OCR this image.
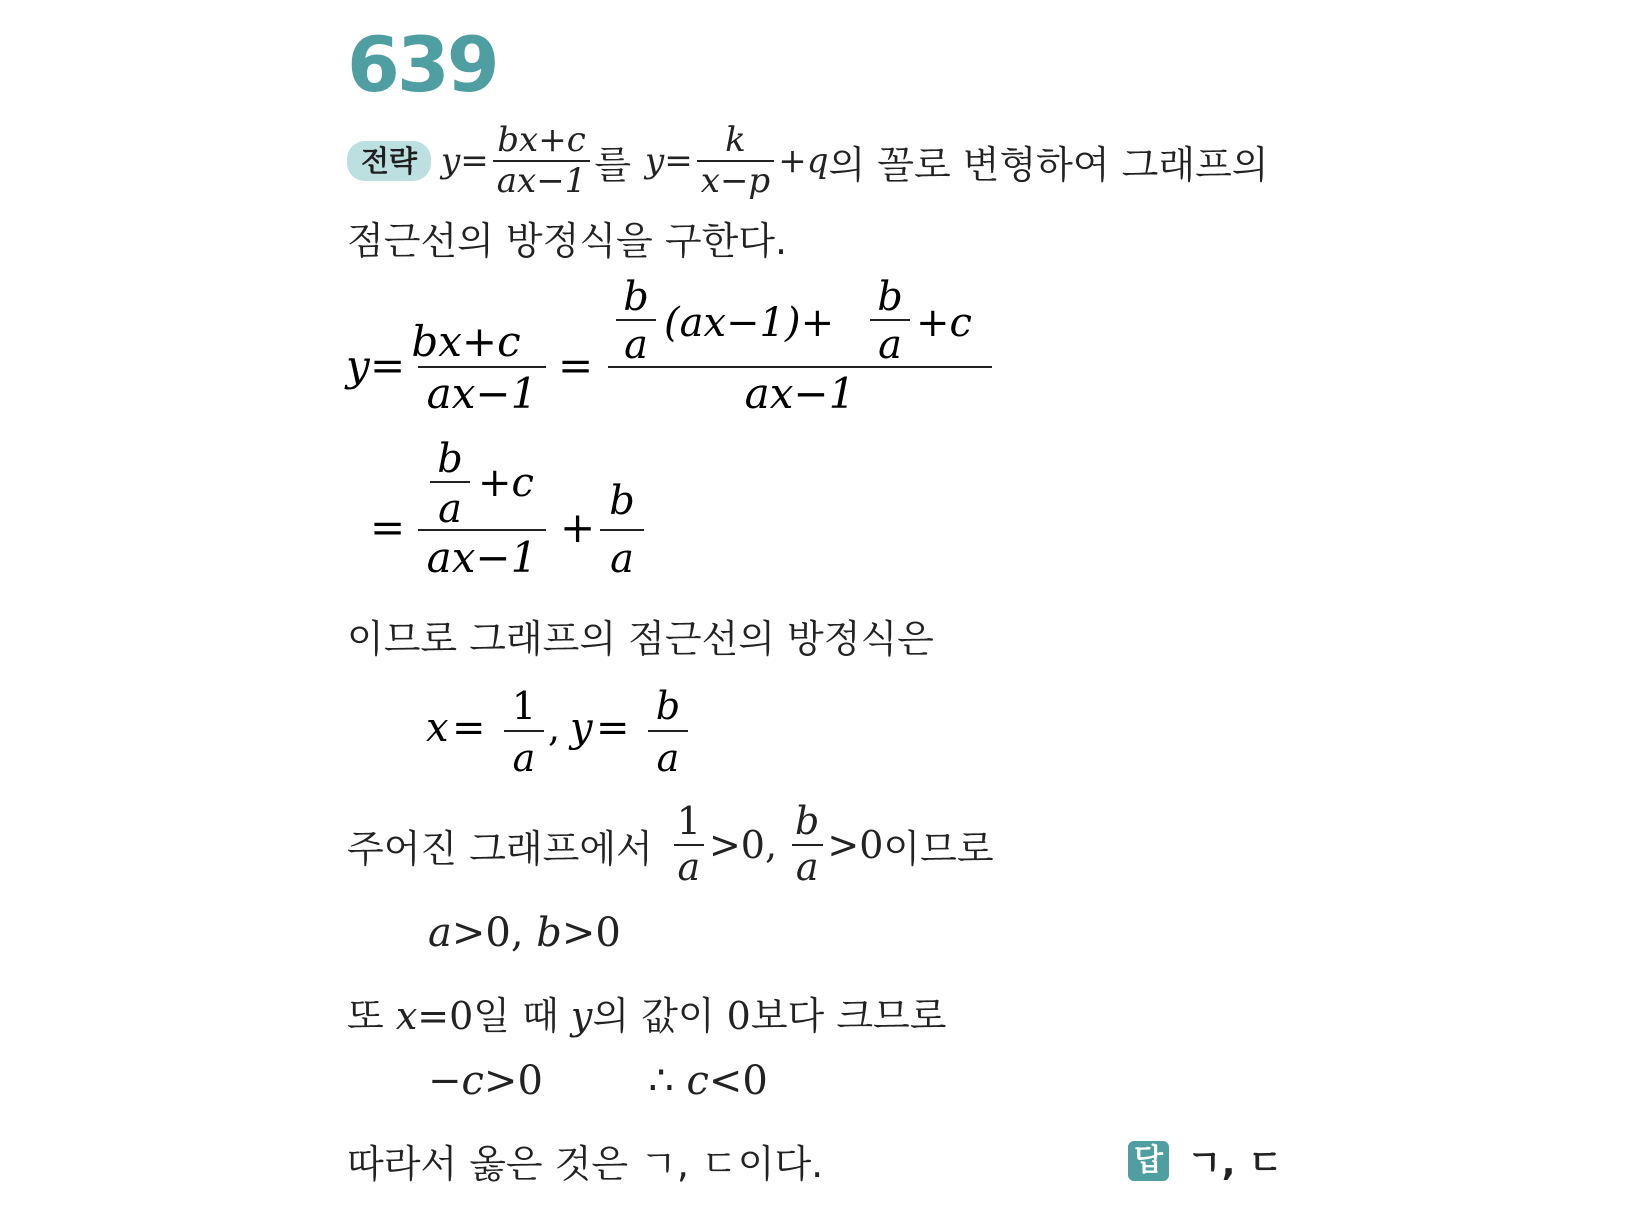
639
전략 $y = \frac{bx+c}{ax-1}$ 를 $y = \frac{k}{x-p} + q$ 의 꼴로 변형하여 그래프의
점근선의 방정식을 구한다.
y = bx+c
ax−1
=
b
a (ax−1)+
b
a +c
ax−1
=
b
a
+c
ax−1
+
b
a
이므로 그래프의 점근선의 방정식은
x = 1
a
, y = b
a
주어진 그래프에서 $\frac{1}{a} >0$, $\frac{b}{a} >0$ 이므로
a>0, b>0
또 x=0일 때 y의 값이 0보다 크므로
−c>0	∴ c<0
따라서 옳은 것은 ㄱ, ㄷ이다.	답 ㄱ, ㄷ
